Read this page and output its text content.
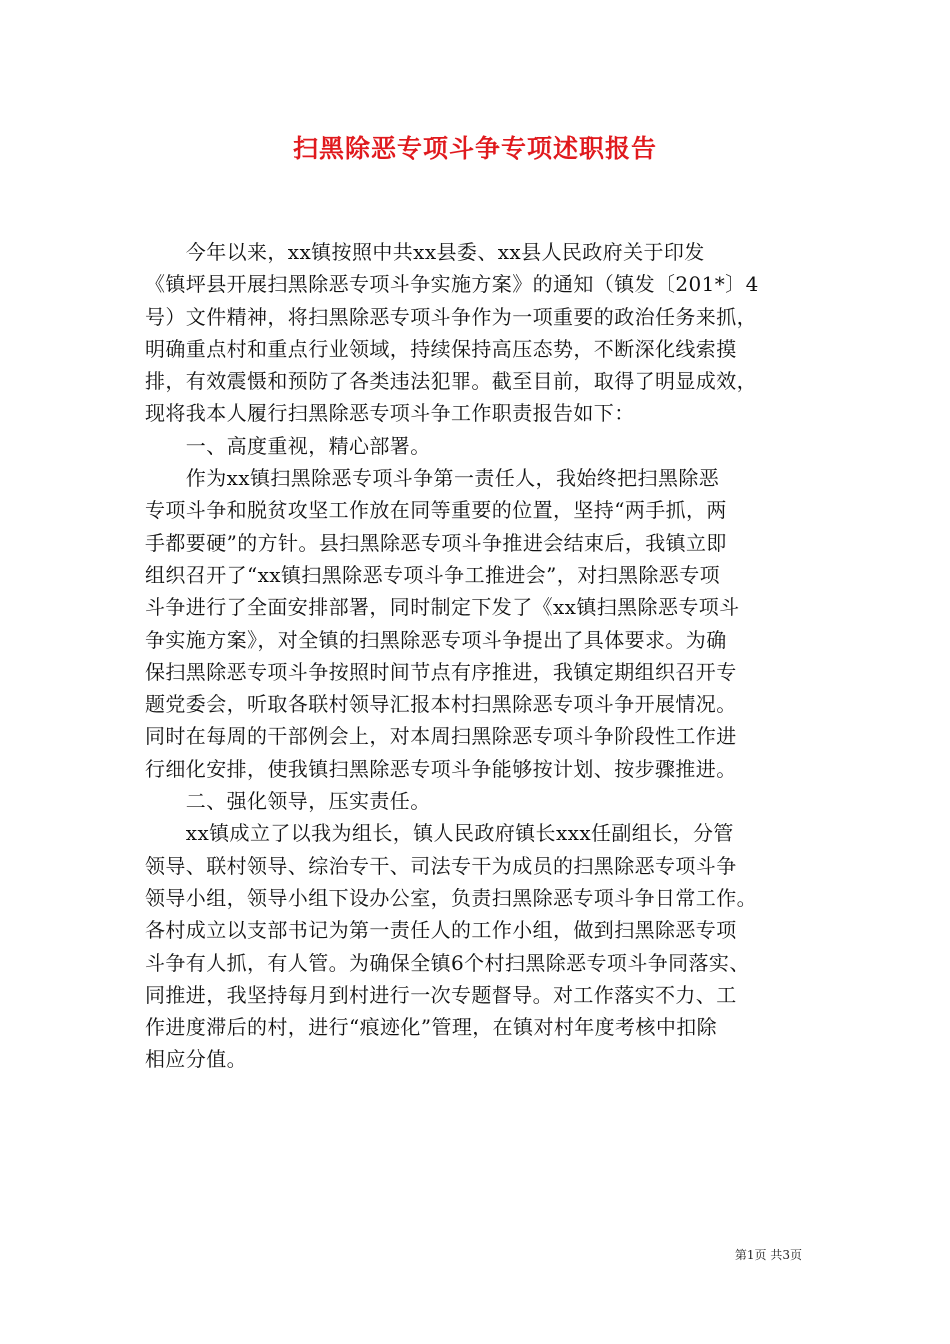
扫黑除恶专项斗争专项述职报告
　　今年以来，xx镇按照中共xx县委、xx县人民政府关于印发
《镇坪县开展扫黑除恶专项斗争实施方案》的通知（镇发〔201*〕4
号）文件精神，将扫黑除恶专项斗争作为一项重要的政治任务来抓，
明确重点村和重点行业领域，持续保持高压态势，不断深化线索摸
排，有效震慑和预防了各类违法犯罪。截至目前，取得了明显成效，
现将我本人履行扫黑除恶专项斗争工作职责报告如下：
　　一、高度重视，精心部署。
　　作为xx镇扫黑除恶专项斗争第一责任人，我始终把扫黑除恶
专项斗争和脱贫攻坚工作放在同等重要的位置，坚持“两手抓，两
手都要硬”的方针。县扫黑除恶专项斗争推进会结束后，我镇立即
组织召开了“xx镇扫黑除恶专项斗争工推进会”，对扫黑除恶专项
斗争进行了全面安排部署，同时制定下发了《xx镇扫黑除恶专项斗
争实施方案》，对全镇的扫黑除恶专项斗争提出了具体要求。为确
保扫黑除恶专项斗争按照时间节点有序推进，我镇定期组织召开专
题党委会，听取各联村领导汇报本村扫黑除恶专项斗争开展情况。
同时在每周的干部例会上，对本周扫黑除恶专项斗争阶段性工作进
行细化安排，使我镇扫黑除恶专项斗争能够按计划、按步骤推进。
　　二、强化领导，压实责任。
　　xx镇成立了以我为组长，镇人民政府镇长xxx任副组长，分管
领导、联村领导、综治专干、司法专干为成员的扫黑除恶专项斗争
领导小组，领导小组下设办公室，负责扫黑除恶专项斗争日常工作。
各村成立以支部书记为第一责任人的工作小组，做到扫黑除恶专项
斗争有人抓，有人管。为确保全镇6个村扫黑除恶专项斗争同落实、
同推进，我坚持每月到村进行一次专题督导。对工作落实不力、工
作进度滞后的村，进行“痕迹化”管理，在镇对村年度考核中扣除
相应分值。
第1页 共3页
